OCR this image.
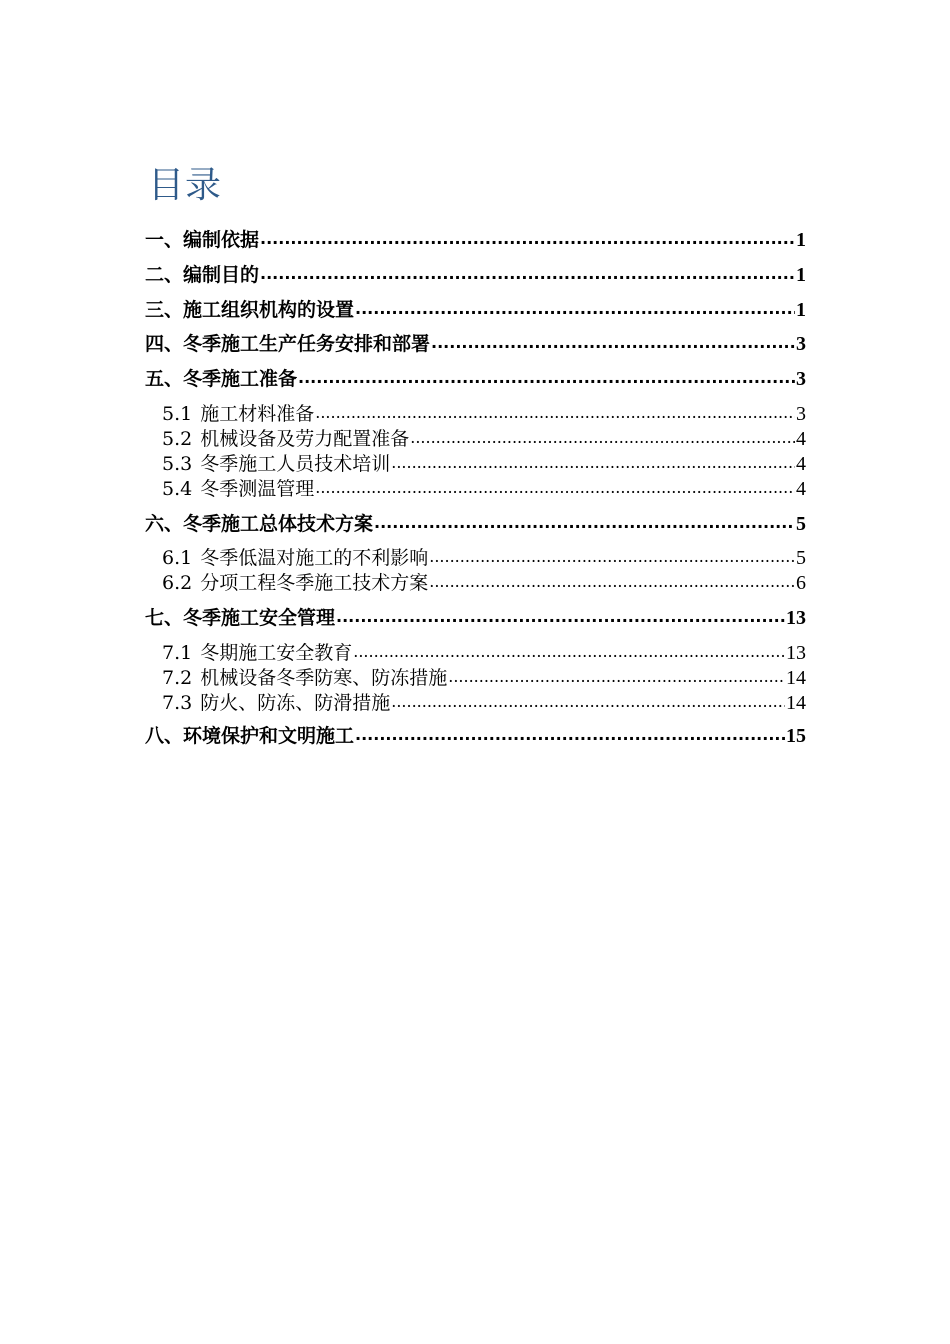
目录
一、编制依据 .....	1
二、编制目的 .....	1
三、施工组织机构的设置 .....	1
四、冬季施工生产任务安排和部署 .....	3
五、冬季施工准备 .....	3
5.1 施工材料准备 .....	3
5.2 机械设备及劳力配置准备 .....	4
5.3 冬季施工人员技术培训 .....	4
5.4 冬季测温管理 .....	4
六、冬季施工总体技术方案 .....	5
6.1 冬季低温对施工的不利影响 .....	5
6.2 分项工程冬季施工技术方案 .....	6
七、冬季施工安全管理 .....	13
7.1 冬期施工安全教育 .....	13
7.2 机械设备冬季防寒、防冻措施 .....	14
7.3 防火、防冻、防滑措施 .....	14
八、环境保护和文明施工 .....	15
